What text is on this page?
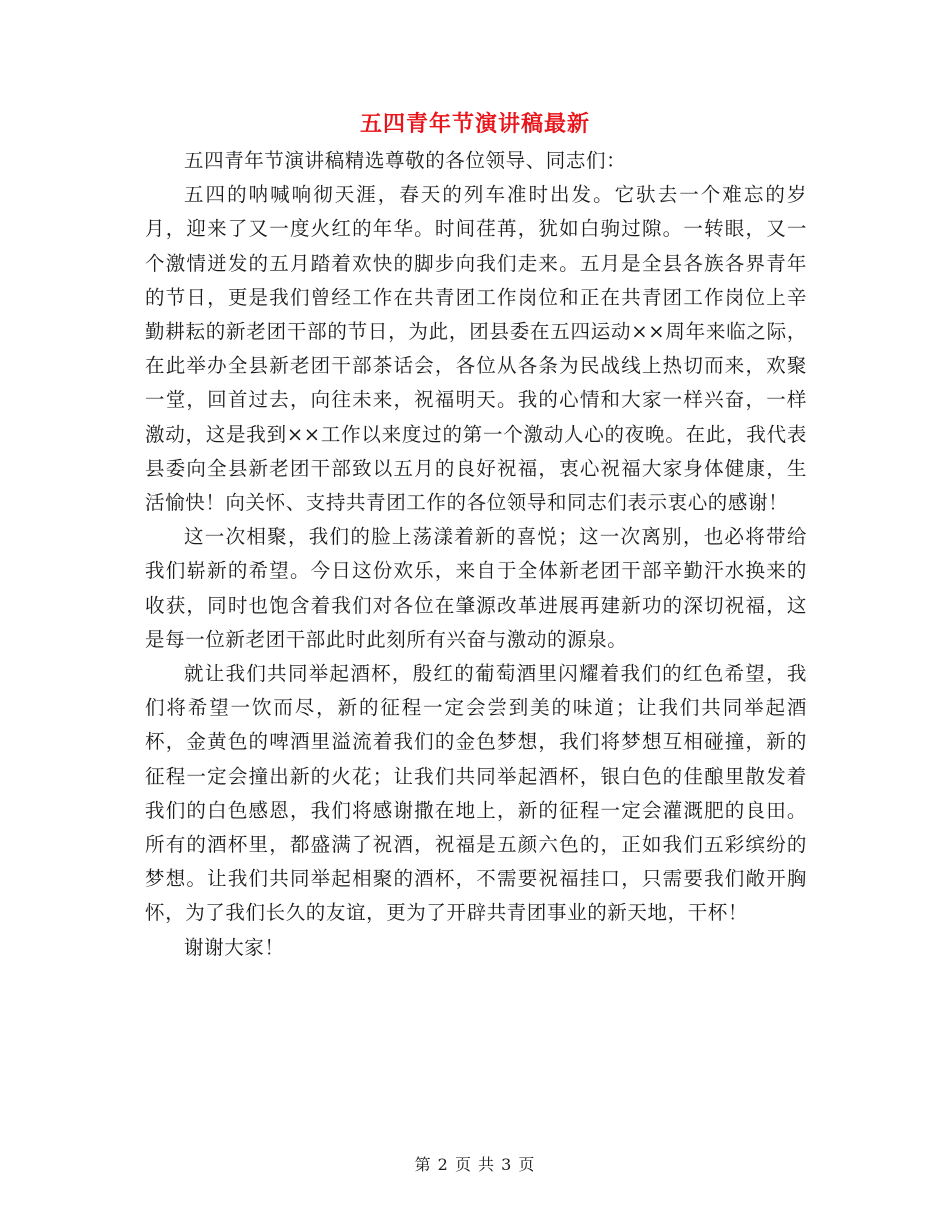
五四青年节演讲稿最新

五四青年节演讲稿精选尊敬的各位领导、同志们：

五四的呐喊响彻天涯，春天的列车准时出发。它驮去一个难忘的岁月，迎来了又一度火红的年华。时间荏苒，犹如白驹过隙。一转眼，又一个激情迸发的五月踏着欢快的脚步向我们走来。五月是全县各族各界青年的节日，更是我们曾经工作在共青团工作岗位和正在共青团工作岗位上辛勤耕耘的新老团干部的节日，为此，团县委在五四运动××周年来临之际，在此举办全县新老团干部茶话会，各位从各条为民战线上热切而来，欢聚一堂，回首过去，向往未来，祝福明天。我的心情和大家一样兴奋，一样激动，这是我到××工作以来度过的第一个激动人心的夜晚。在此，我代表县委向全县新老团干部致以五月的良好祝福，衷心祝福大家身体健康，生活愉快！向关怀、支持共青团工作的各位领导和同志们表示衷心的感谢！

这一次相聚，我们的脸上荡漾着新的喜悦；这一次离别，也必将带给我们崭新的希望。今日这份欢乐，来自于全体新老团干部辛勤汗水换来的收获，同时也饱含着我们对各位在肇源改革进展再建新功的深切祝福，这是每一位新老团干部此时此刻所有兴奋与激动的源泉。

就让我们共同举起酒杯，殷红的葡萄酒里闪耀着我们的红色希望，我们将希望一饮而尽，新的征程一定会尝到美的味道；让我们共同举起酒杯，金黄色的啤酒里溢流着我们的金色梦想，我们将梦想互相碰撞，新的征程一定会撞出新的火花；让我们共同举起酒杯，银白色的佳酿里散发着我们的白色感恩，我们将感谢撒在地上，新的征程一定会灌溉肥的良田。所有的酒杯里，都盛满了祝酒，祝福是五颜六色的，正如我们五彩缤纷的梦想。让我们共同举起相聚的酒杯，不需要祝福挂口，只需要我们敞开胸怀，为了我们长久的友谊，更为了开辟共青团事业的新天地，干杯！

谢谢大家！

第 2 页 共 3 页
